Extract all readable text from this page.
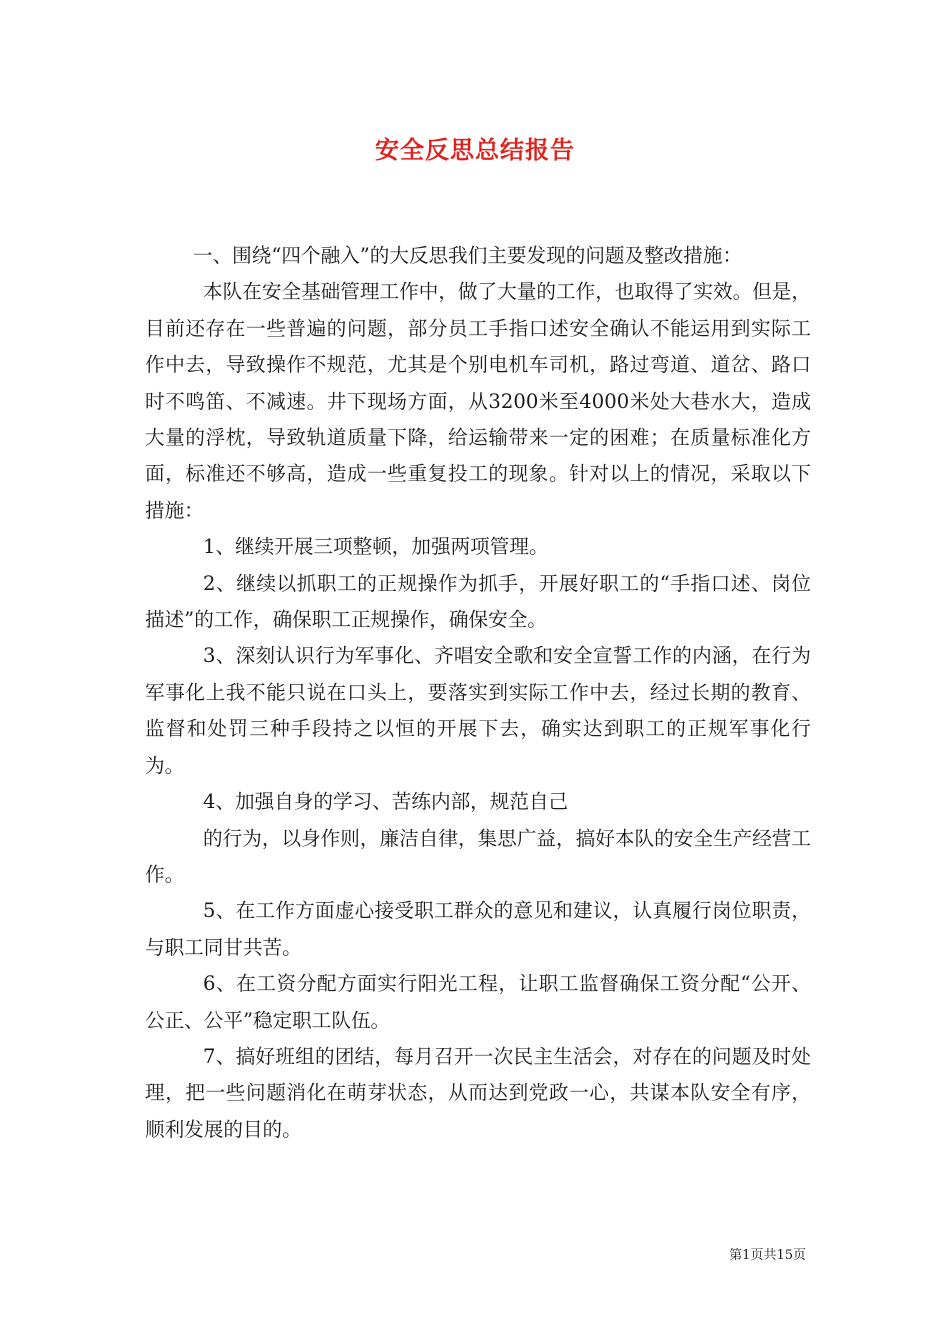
安全反思总结报告

一、围绕“四个融入”的大反思我们主要发现的问题及整改措施：

本队在安全基础管理工作中，做了大量的工作，也取得了实效。但是，目前还存在一些普遍的问题，部分员工手指口述安全确认不能运用到实际工作中去，导致操作不规范，尤其是个别电机车司机，路过弯道、道岔、路口时不鸣笛、不减速。井下现场方面，从3200米至4000米处大巷水大，造成大量的浮枕，导致轨道质量下降，给运输带来一定的困难；在质量标准化方面，标准还不够高，造成一些重复投工的现象。针对以上的情况，采取以下措施：

1、继续开展三项整顿，加强两项管理。

2、继续以抓职工的正规操作为抓手，开展好职工的“手指口述、岗位描述”的工作，确保职工正规操作，确保安全。

3、深刻认识行为军事化、齐唱安全歌和安全宣誓工作的内涵，在行为军事化上我不能只说在口头上，要落实到实际工作中去，经过长期的教育、监督和处罚三种手段持之以恒的开展下去，确实达到职工的正规军事化行为。

4、加强自身的学习、苦练内部，规范自己

的行为，以身作则，廉洁自律，集思广益，搞好本队的安全生产经营工作。

5、在工作方面虚心接受职工群众的意见和建议，认真履行岗位职责，与职工同甘共苦。

6、在工资分配方面实行阳光工程，让职工监督确保工资分配“公开、公正、公平”稳定职工队伍。

7、搞好班组的团结，每月召开一次民主生活会，对存在的问题及时处理，把一些问题消化在萌芽状态，从而达到党政一心，共谋本队安全有序，顺利发展的目的。

第1页共15页
